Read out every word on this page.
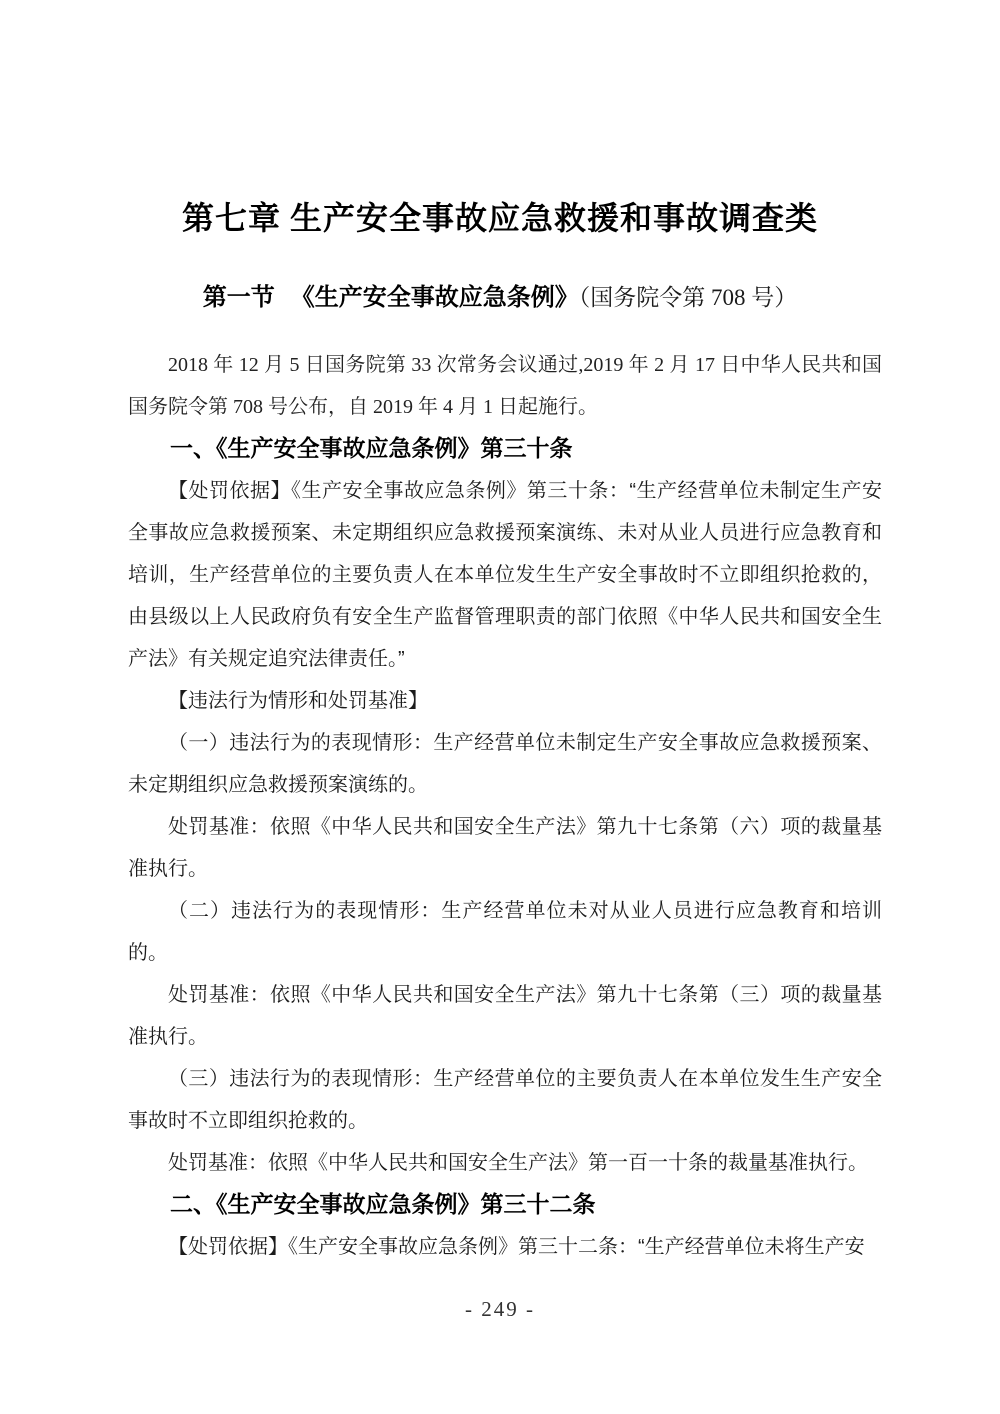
第七章 生产安全事故应急救援和事故调查类
第一节 《生产安全事故应急条例》（国务院令第 708 号）

2018 年 12 月 5 日国务院第 33 次常务会议通过,2019 年 2 月 17 日中华人民共和国国务院令第 708 号公布，自 2019 年 4 月 1 日起施行。

一、《生产安全事故应急条例》第三十条

【处罚依据】《生产安全事故应急条例》第三十条：“生产经营单位未制定生产安全事故应急救援预案、未定期组织应急救援预案演练、未对从业人员进行应急教育和培训，生产经营单位的主要负责人在本单位发生生产安全事故时不立即组织抢救的，由县级以上人民政府负有安全生产监督管理职责的部门依照《中华人民共和国安全生产法》有关规定追究法律责任。”

【违法行为情形和处罚基准】

（一）违法行为的表现情形：生产经营单位未制定生产安全事故应急救援预案、未定期组织应急救援预案演练的。

处罚基准：依照《中华人民共和国安全生产法》第九十七条第（六）项的裁量基准执行。

（二）违法行为的表现情形：生产经营单位未对从业人员进行应急教育和培训的。

处罚基准：依照《中华人民共和国安全生产法》第九十七条第（三）项的裁量基准执行。

（三）违法行为的表现情形：生产经营单位的主要负责人在本单位发生生产安全事故时不立即组织抢救的。

处罚基准：依照《中华人民共和国安全生产法》第一百一十条的裁量基准执行。

二、《生产安全事故应急条例》第三十二条

【处罚依据】《生产安全事故应急条例》第三十二条：“生产经营单位未将生产安

- 249 -
